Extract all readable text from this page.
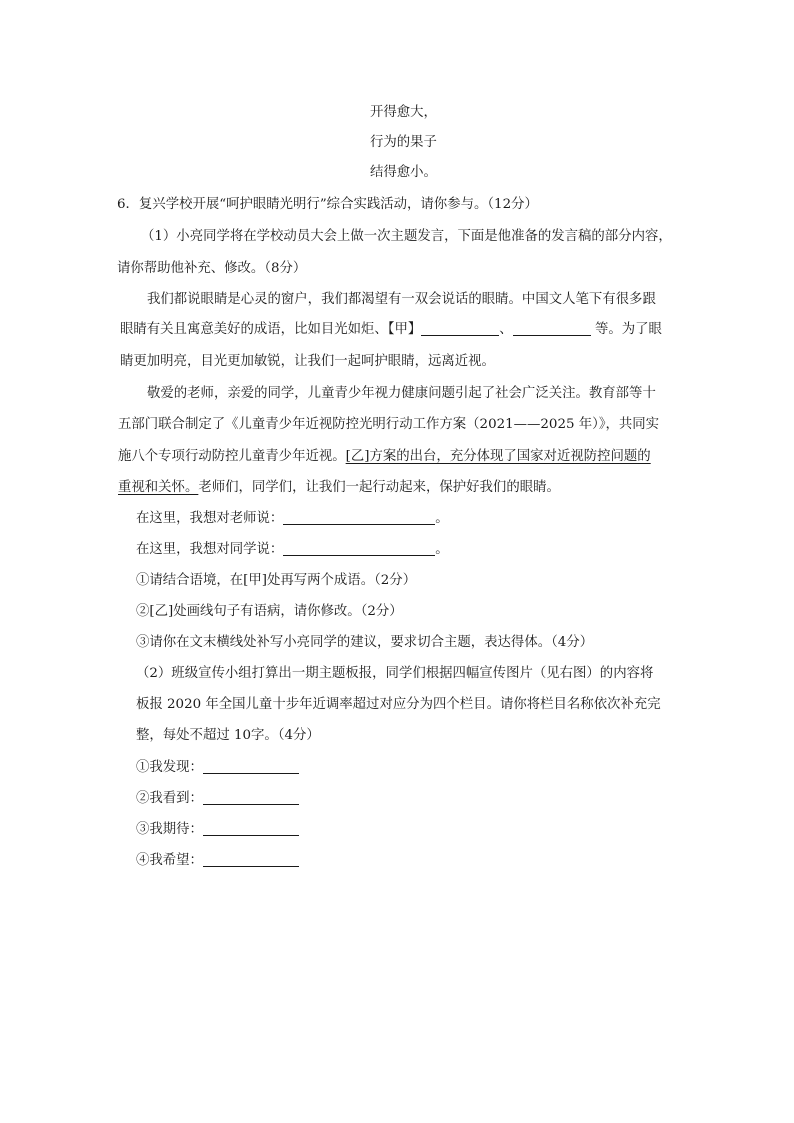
开得愈大，
行为的果子
结得愈小。
6．复兴学校开展“呵护眼睛光明行”综合实践活动，请你参与。（12分）
（1）小亮同学将在学校动员大会上做一次主题发言，下面是他准备的发言稿的部分内容，
请你帮助他补充、修改。（8分）
我们都说眼睛是心灵的窗户，我们都渴望有一双会说话的眼睛。中国文人笔下有很多跟
眼睛有关且寓意美好的成语，比如目光如炬、【甲】	、	等。为了眼
睛更加明亮，目光更加敏锐，让我们一起呵护眼睛，远离近视。
敬爱的老师，亲爱的同学，儿童青少年视力健康问题引起了社会广泛关注。教育部等十
五部门联合制定了《儿童青少年近视防控光明行动工作方案（2021——2025 年）》，共同实
施八个专项行动防控儿童青少年近视。[乙]方案的出台，充分体现了国家对近视防控问题的
重视和关怀。老师们，同学们，让我们一起行动起来，保护好我们的眼睛。
在这里，我想对老师说：	。
在这里，我想对同学说：	。
①请结合语境，在[甲]处再写两个成语。（2分）
②[乙]处画线句子有语病，请你修改。（2分）
③请你在文末横线处补写小亮同学的建议，要求切合主题，表达得体。（4分）
（2）班级宣传小组打算出一期主题板报，同学们根据四幅宣传图片（见右图）的内容将
板报 2020 年全国儿童十步年近调率超过对应分为四个栏目。请你将栏目名称依次补充完
整，每处不超过 10字。（4分）
①我发现：
②我看到：
③我期待：
④我希望：
